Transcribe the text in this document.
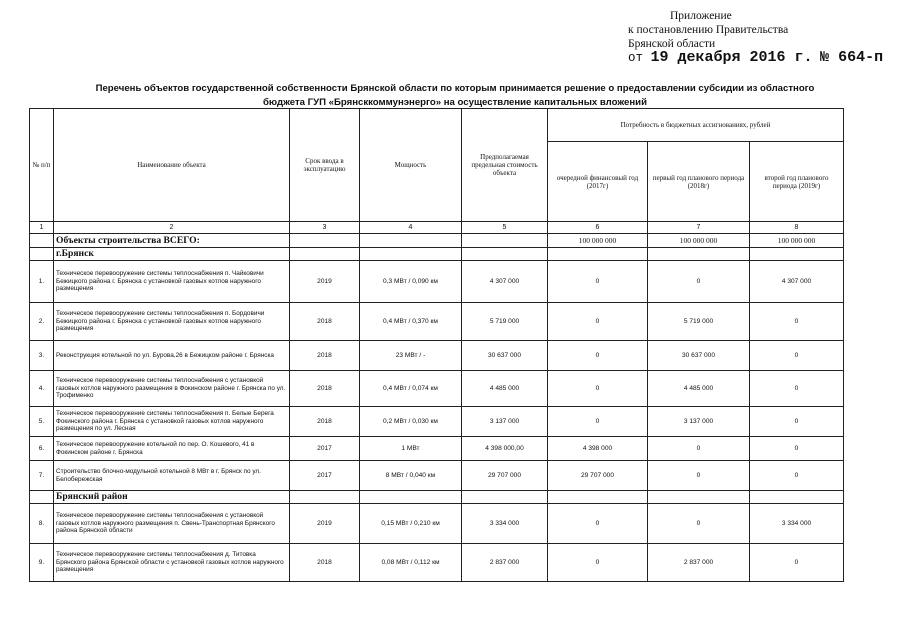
Приложение
к постановлению Правительства
Брянской области
от 19 декабря 2016 г. № 664-п
Перечень объектов государственной собственности Брянской области по которым принимается решение о предоставлении субсидии из областного
бюджета ГУП «Брянсккоммунэнерго» на осуществление капитальных вложений
№ п/п	Наименование объекта	Срок ввода в эксплуатацию	Мощность	Предполагаемая предельная стоимость объекта	Потребность в бюджетных ассигнованиях, рублей		
					очередной финансовый год (2017г)	первый год планового периода (2018г)	второй год планового периода (2019г)
1	2	3	4	5	6	7	8
	Объекты строительства ВСЕГО:				100 000 000	100 000 000	100 000 000
	г.Брянск						
1.	Техническое перевооружение системы теплоснабжения п. Чайковичи Бежицкого района г. Брянска с установкой газовых котлов наружного размещения	2019	0,3 МВт / 0,090 км	4 307 000	0	0	4 307 000
2.	Техническое перевооружение системы теплоснабжения п. Бордовичи Бежицкого района г. Брянска с установкой газовых котлов наружного размещения	2018	0,4 МВт / 0,370 км	5 719 000	0	5 719 000	0
3.	Реконструкция котельной по ул. Бурова,26 в Бежицком районе г. Брянска	2018	23 МВт / -	30 637 000	0	30 637 000	0
4.	Техническое перевооружение системы теплоснабжения с установкой газовых котлов наружного размещения в Фокинском районе г. Брянска по ул. Трофименко	2018	0,4 МВт / 0,074 км	4 485 000	0	4 485 000	0
5.	Техническое перевооружение системы теплоснабжения п. Белые Берега Фокинского района г. Брянска с установкой газовых котлов наружного размещения по ул. Лесная	2018	0,2 МВт / 0,030 км	3 137 000	0	3 137 000	0
6.	Техническое перевооружение котельной по пер. О. Кошевого, 41 в Фокинском районе г. Брянска	2017	1 МВт	4 398 000,00	4 398 000	0	0
7.	Строительство блочно-модульной котельной 8 МВт в г. Брянск по ул. Белобережская	2017	8 МВт / 0,040 км	29 707 000	29 707 000	0	0
	Брянский район						
8.	Техническое перевооружение системы теплоснабжения с установкой газовых котлов наружного размещения п. Свень-Транспортная Брянского района Брянской области	2019	0,15 МВт / 0,210 км	3 334 000	0	0	3 334 000
9.	Техническое перевооружение системы теплоснабжения д. Титовка Брянского района Брянской области с установкой газовых котлов наружного размещения	2018	0,08 МВт / 0,112 км	2 837 000	0	2 837 000	0
